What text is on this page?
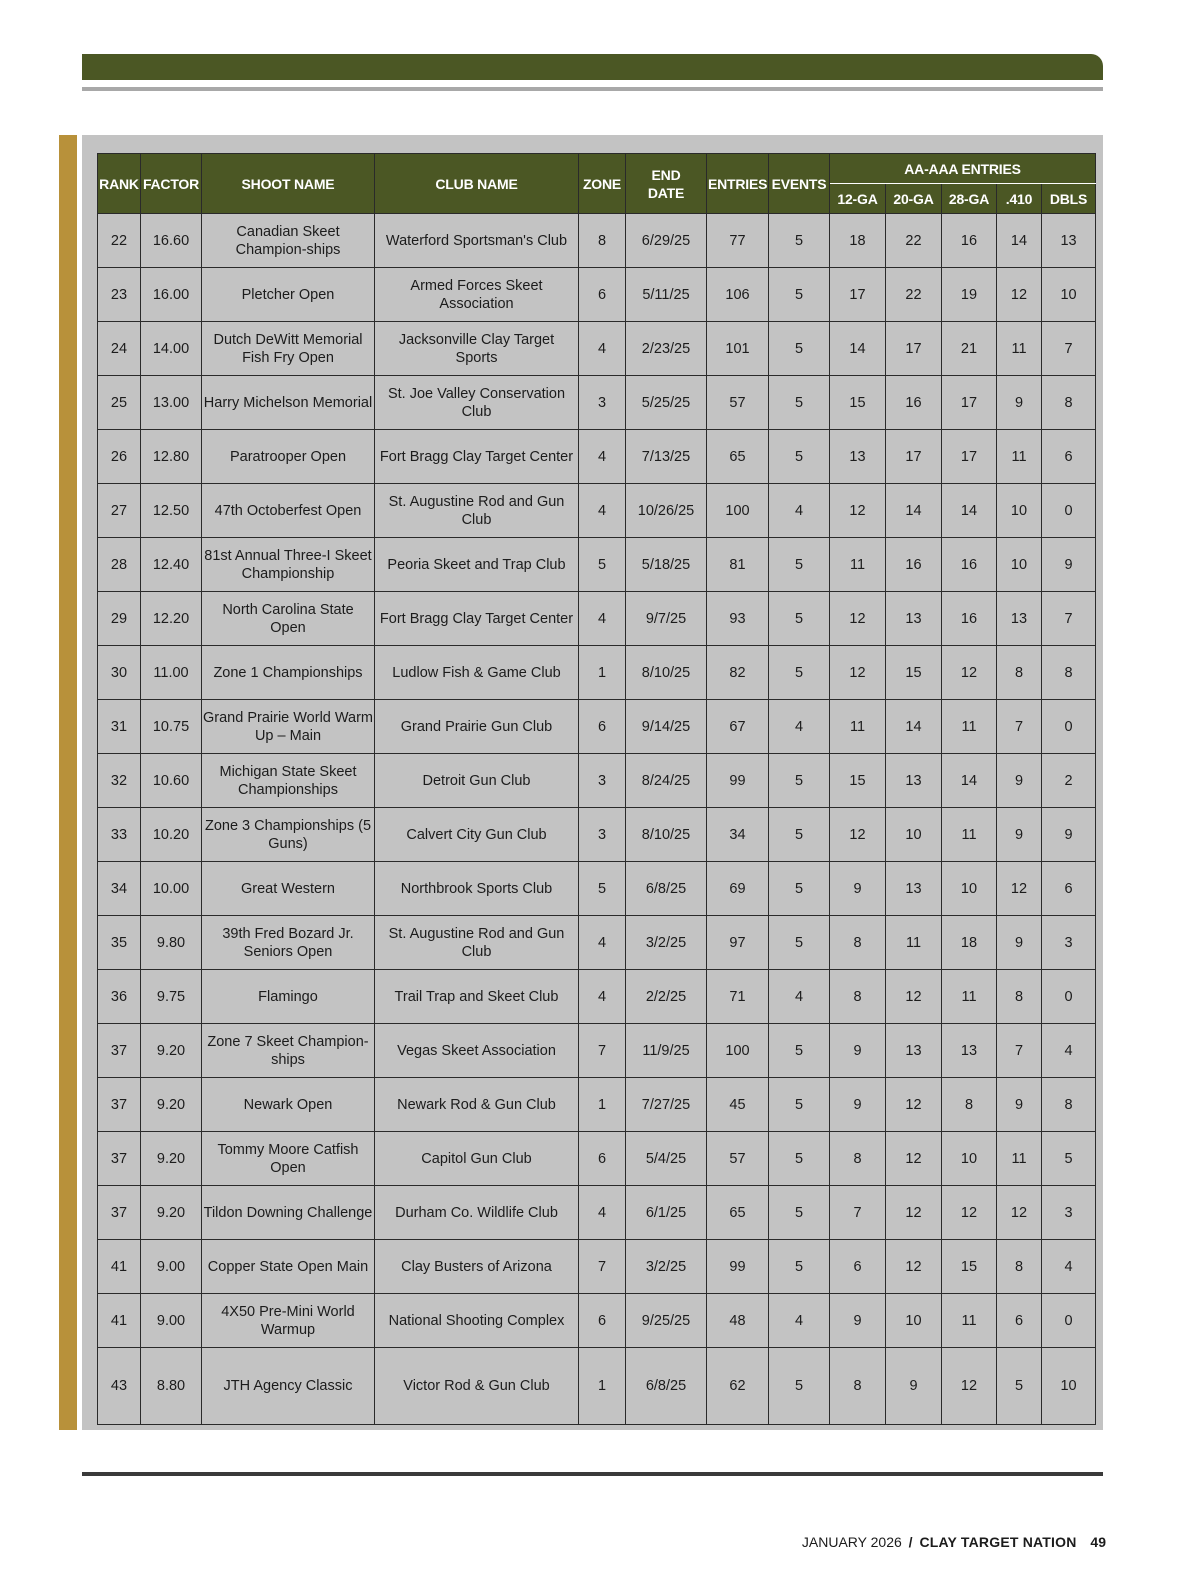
RANK	FACTOR	SHOOT NAME	CLUB NAME	ZONE	END DATE	ENTRIES	EVENTS	AA-AAA ENTRIES				
								12-GA	20-GA	28-GA	.410	DBLS
22	16.60	Canadian Skeet Champion-ships	Waterford Sportsman's Club	8	6/29/25	77	5	18	22	16	14	13
23	16.00	Pletcher Open	Armed Forces Skeet Association	6	5/11/25	106	5	17	22	19	12	10
24	14.00	Dutch DeWitt Memorial Fish Fry Open	Jacksonville Clay Target Sports	4	2/23/25	101	5	14	17	21	11	7
25	13.00	Harry Michelson Memorial	St. Joe Valley Conservation Club	3	5/25/25	57	5	15	16	17	9	8
26	12.80	Paratrooper Open	Fort Bragg Clay Target Center	4	7/13/25	65	5	13	17	17	11	6
27	12.50	47th Octoberfest Open	St. Augustine Rod and Gun Club	4	10/26/25	100	4	12	14	14	10	0
28	12.40	81st Annual Three-I Skeet Championship	Peoria Skeet and Trap Club	5	5/18/25	81	5	11	16	16	10	9
29	12.20	North Carolina State Open	Fort Bragg Clay Target Center	4	9/7/25	93	5	12	13	16	13	7
30	11.00	Zone 1 Championships	Ludlow Fish & Game Club	1	8/10/25	82	5	12	15	12	8	8
31	10.75	Grand Prairie World Warm Up – Main	Grand Prairie Gun Club	6	9/14/25	67	4	11	14	11	7	0
32	10.60	Michigan State Skeet Championships	Detroit Gun Club	3	8/24/25	99	5	15	13	14	9	2
33	10.20	Zone 3 Championships (5 Guns)	Calvert City Gun Club	3	8/10/25	34	5	12	10	11	9	9
34	10.00	Great Western	Northbrook Sports Club	5	6/8/25	69	5	9	13	10	12	6
35	9.80	39th Fred Bozard Jr. Seniors Open	St. Augustine Rod and Gun Club	4	3/2/25	97	5	8	11	18	9	3
36	9.75	Flamingo	Trail Trap and Skeet Club	4	2/2/25	71	4	8	12	11	8	0
37	9.20	Zone 7 Skeet Champion-ships	Vegas Skeet Association	7	11/9/25	100	5	9	13	13	7	4
37	9.20	Newark Open	Newark Rod & Gun Club	1	7/27/25	45	5	9	12	8	9	8
37	9.20	Tommy Moore Catfish Open	Capitol Gun Club	6	5/4/25	57	5	8	12	10	11	5
37	9.20	Tildon Downing Challenge	Durham Co. Wildlife Club	4	6/1/25	65	5	7	12	12	12	3
41	9.00	Copper State Open Main	Clay Busters of Arizona	7	3/2/25	99	5	6	12	15	8	4
41	9.00	4X50 Pre-Mini World Warmup	National Shooting Complex	6	9/25/25	48	4	9	10	11	6	0
43	8.80	JTH Agency Classic	Victor Rod & Gun Club	1	6/8/25	62	5	8	9	12	5	10
JANUARY 2026 / CLAY TARGET NATION 49
